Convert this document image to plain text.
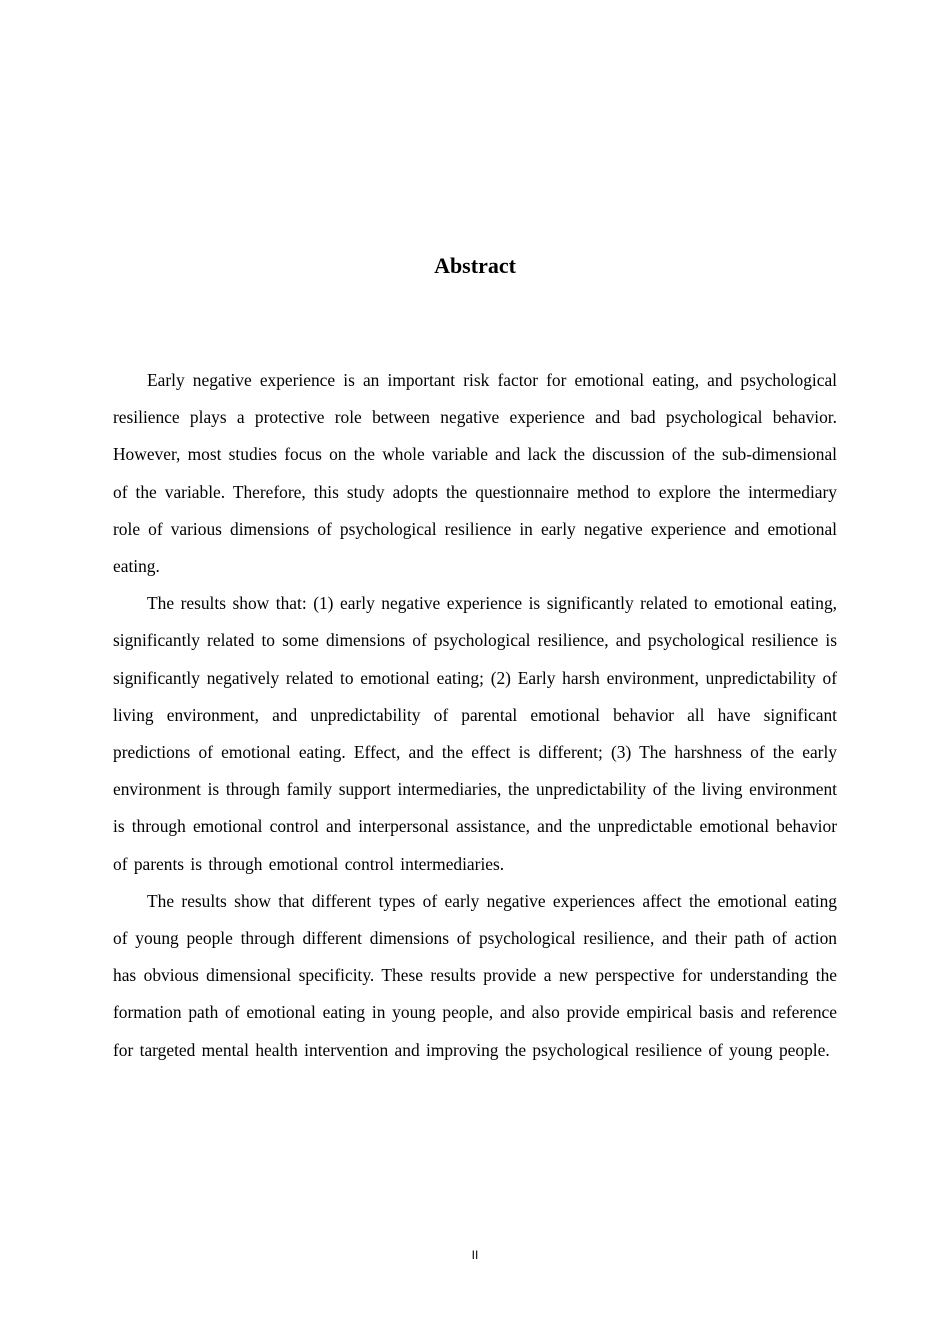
Abstract

Early negative experience is an important risk factor for emotional eating, and psychological resilience plays a protective role between negative experience and bad psychological behavior. However, most studies focus on the whole variable and lack the discussion of the sub-dimensional of the variable. Therefore, this study adopts the questionnaire method to explore the intermediary role of various dimensions of psychological resilience in early negative experience and emotional eating.

The results show that: (1) early negative experience is significantly related to emotional eating, significantly related to some dimensions of psychological resilience, and psychological resilience is significantly negatively related to emotional eating; (2) Early harsh environment, unpredictability of living environment, and unpredictability of parental emotional behavior all have significant predictions of emotional eating. Effect, and the effect is different; (3) The harshness of the early environment is through family support intermediaries, the unpredictability of the living environment is through emotional control and interpersonal assistance, and the unpredictable emotional behavior of parents is through emotional control intermediaries.

The results show that different types of early negative experiences affect the emotional eating of young people through different dimensions of psychological resilience, and their path of action has obvious dimensional specificity. These results provide a new perspective for understanding the formation path of emotional eating in young people, and also provide empirical basis and reference for targeted mental health intervention and improving the psychological resilience of young people.

II
